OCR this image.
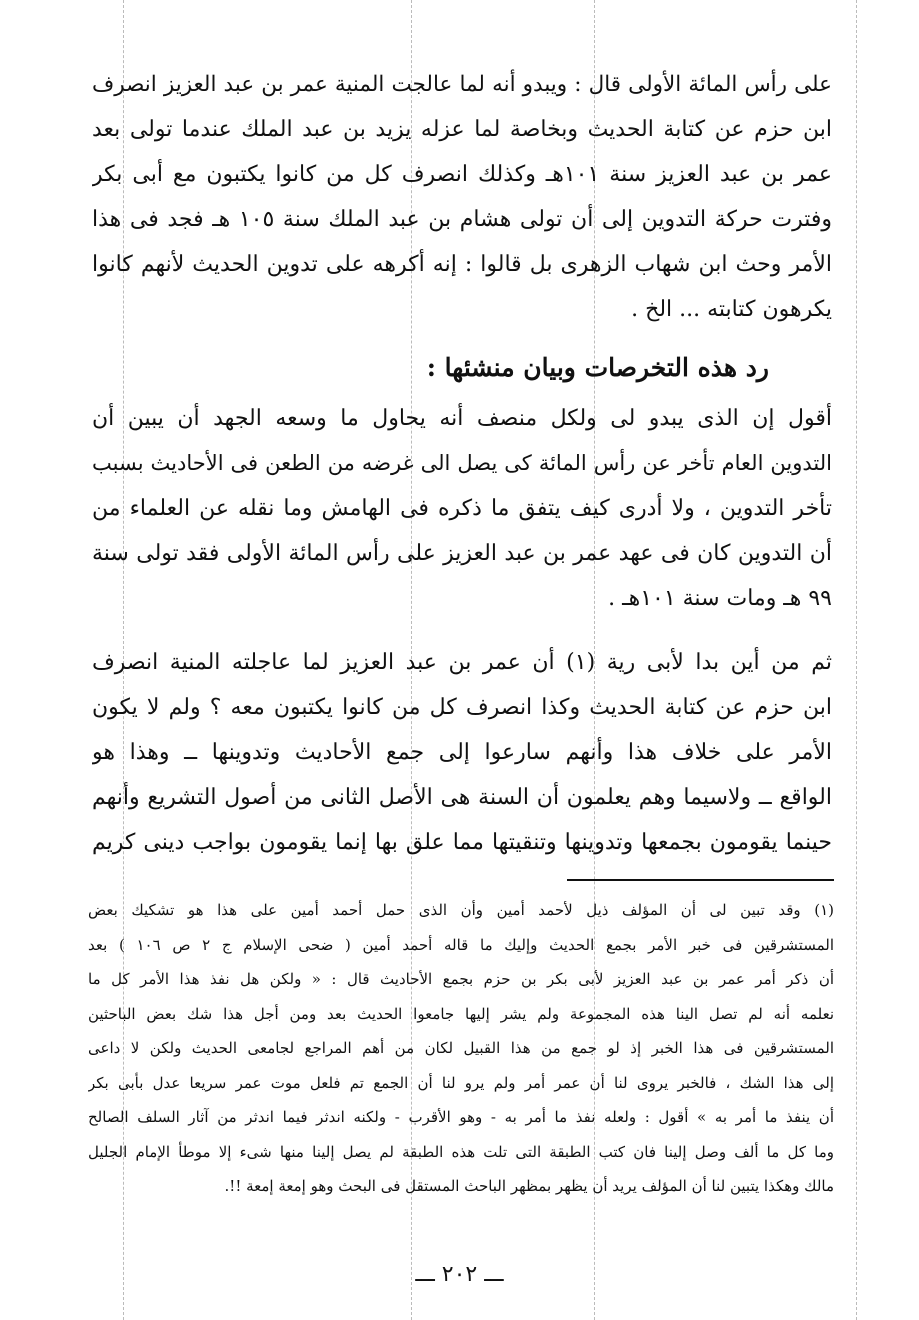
على رأس المائة الأولى قال : ويبدو أنه لما عالجت المنية عمر بن عبد العزيز انصرف
ابن حزم عن كتابة الحديث وبخاصة لما عزله يزيد بن عبد الملك عندما تولى بعد
عمر بن عبد العزيز سنة ١٠١هـ وكذلك انصرف كل من كانوا يكتبون مع أبى بكر
وفترت حركة التدوين إلى أن تولى هشام بن عبد الملك سنة ١٠٥ هـ فجد فى هذا
الأمر وحث ابن شهاب الزهرى بل قالوا : إنه أكرهه على تدوين الحديث لأنهم كانوا
يكرهون كتابته ... الخ .
رد هذه التخرصات وبيان منشئها :
أقول إن الذى يبدو لى ولكل منصف أنه يحاول ما وسعه الجهد أن يبين أن
التدوين العام تأخر عن رأس المائة كى يصل الى غرضه من الطعن فى الأحاديث بسبب
تأخر التدوين ، ولا أدرى كيف يتفق ما ذكره فى الهامش وما نقله عن العلماء من
أن التدوين كان فى عهد عمر بن عبد العزيز على رأس المائة الأولى فقد تولى سنة
٩٩ هـ ومات سنة ١٠١هـ .
ثم من أين بدا لأبى رية (١) أن عمر بن عبد العزيز لما عاجلته المنية انصرف
ابن حزم عن كتابة الحديث وكذا انصرف كل من كانوا يكتبون معه ؟ ولم لا يكون
الأمر على خلاف هذا وأنهم سارعوا إلى جمع الأحاديث وتدوينها ــ وهذا هو
الواقع ــ ولاسيما وهم يعلمون أن السنة هى الأصل الثانى من أصول التشريع وأنهم
حينما يقومون بجمعها وتدوينها وتنقيتها مما علق بها إنما يقومون بواجب دينى كريم
(١) وقد تبين لى أن المؤلف ذيل لأحمد أمين وأن الذى حمل أحمد أمين على هذا هو تشكيك بعض
المستشرقين فى خبر الأمر بجمع الحديث وإليك ما قاله أحمد أمين ( ضحى الإسلام ج ٢ ص ١٠٦ ) بعد
أن ذكر أمر عمر بن عبد العزيز لأبى بكر بن حزم بجمع الأحاديث قال : « ولكن هل نفذ هذا الأمر كل ما
نعلمه أنه لم تصل الينا هذه المجموعة ولم يشر إليها جامعوا الحديث بعد ومن أجل هذا شك بعض الباحثين
المستشرقين فى هذا الخبر إذ لو جمع من هذا القبيل لكان من أهم المراجع لجامعى الحديث ولكن لا داعى
إلى هذا الشك ، فالخبر يروى لنا أن عمر أمر ولم يرو لنا أن الجمع تم فلعل موت عمر سريعا عدل بأبى بكر
أن ينفذ ما أمر به » أقول : ولعله نفذ ما أمر به - وهو الأقرب - ولكنه اندثر فيما اندثر من آثار السلف الصالح
وما كل ما ألف وصل إلينا فان كتب الطبقة التى تلت هذه الطبقة لم يصل إلينا منها شىء إلا موطأ الإمام الجليل
مالك وهكذا يتبين لنا أن المؤلف يريد أن يظهر بمظهر الباحث المستقل فى البحث وهو إمعة إمعة !!.
ـــ ٢٠٢ ـــ
